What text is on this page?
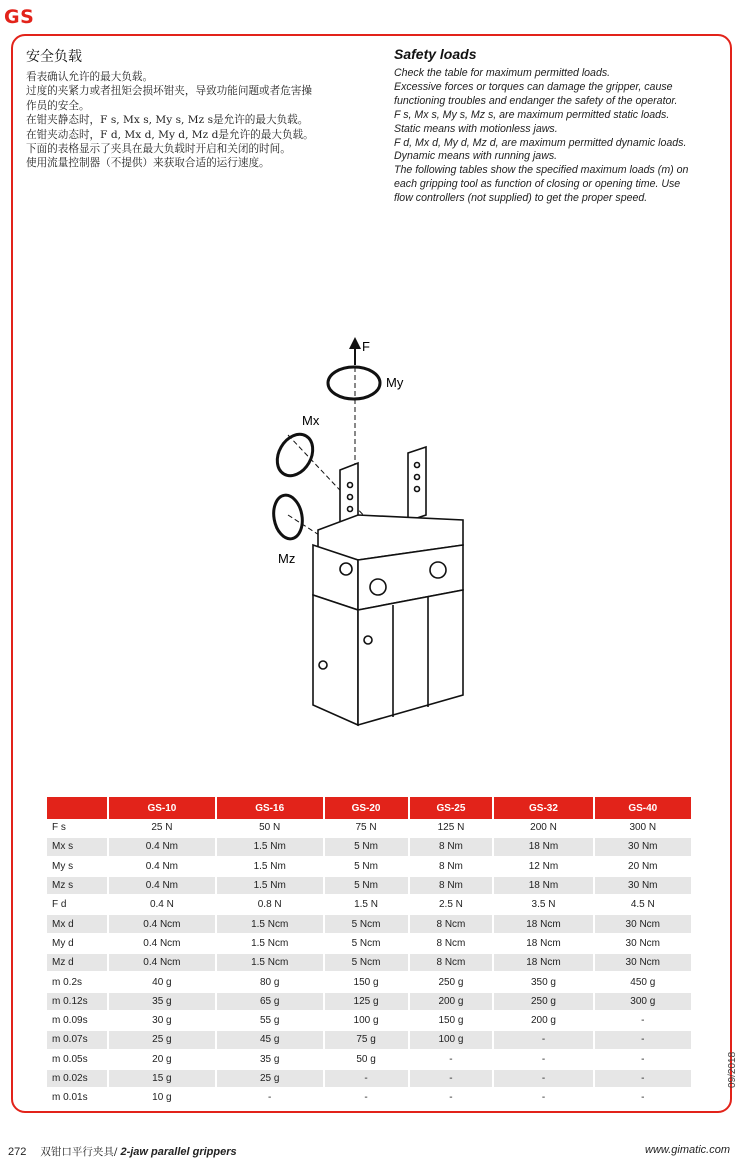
GS
安全负载

看表确认允许的最大负载。
过度的夹紧力或者扭矩会损坏钳夹，导致功能问题或者危害操
作员的安全。
在钳夹静态时，F s, Mx s, My s, Mz s是允许的最大负载。
在钳夹动态时，F d, Mx d, My d, Mz d是允许的最大负载。
下面的表格显示了夹具在最大负载时开启和关闭的时间。
使用流量控制器（不提供）来获取合适的运行速度。

Safety loads

Check the table for maximum permitted loads.
Excessive forces or torques can damage the gripper, cause
functioning troubles and endanger the safety of the operator.
F s, Mx s, My s, Mz s, are maximum permitted static loads.
Static means with motionless jaws.
F d, Mx d, My d, Mz d, are maximum permitted dynamic loads.
Dynamic means with running jaws.
The following tables show the specified maximum loads (m) on
each gripping tool as function of closing or opening time. Use
flow controllers (not supplied) to get the proper speed.

F
My
Mx
Mz
	GS-10	GS-16	GS-20	GS-25	GS-32	GS-40
F s	25 N	50 N	75 N	125 N	200 N	300 N
Mx s	0.4 Nm	1.5 Nm	5 Nm	8 Nm	18 Nm	30 Nm
My s	0.4 Nm	1.5 Nm	5 Nm	8 Nm	12 Nm	20 Nm
Mz s	0.4 Nm	1.5 Nm	5 Nm	8 Nm	18 Nm	30 Nm
F d	0.4 N	0.8 N	1.5 N	2.5 N	3.5 N	4.5 N
Mx d	0.4 Ncm	1.5 Ncm	5 Ncm	8 Ncm	18 Ncm	30 Ncm
My d	0.4 Ncm	1.5 Ncm	5 Ncm	8 Ncm	18 Ncm	30 Ncm
Mz d	0.4 Ncm	1.5 Ncm	5 Ncm	8 Ncm	18 Ncm	30 Ncm
m 0.2s	40 g	80 g	150 g	250 g	350 g	450 g
m 0.12s	35 g	65 g	125 g	200 g	250 g	300 g
m 0.09s	30 g	55 g	100 g	150 g	200 g	-
m 0.07s	25 g	45 g	75 g	100 g	-	-
m 0.05s	20 g	35 g	50 g	-	-	-
m 0.02s	15 g	25 g	-	-	-	-
m 0.01s	10 g	-	-	-	-	-
09/2018
272 双钳口平行夹具/ 2-jaw parallel grippers	www.gimatic.com
